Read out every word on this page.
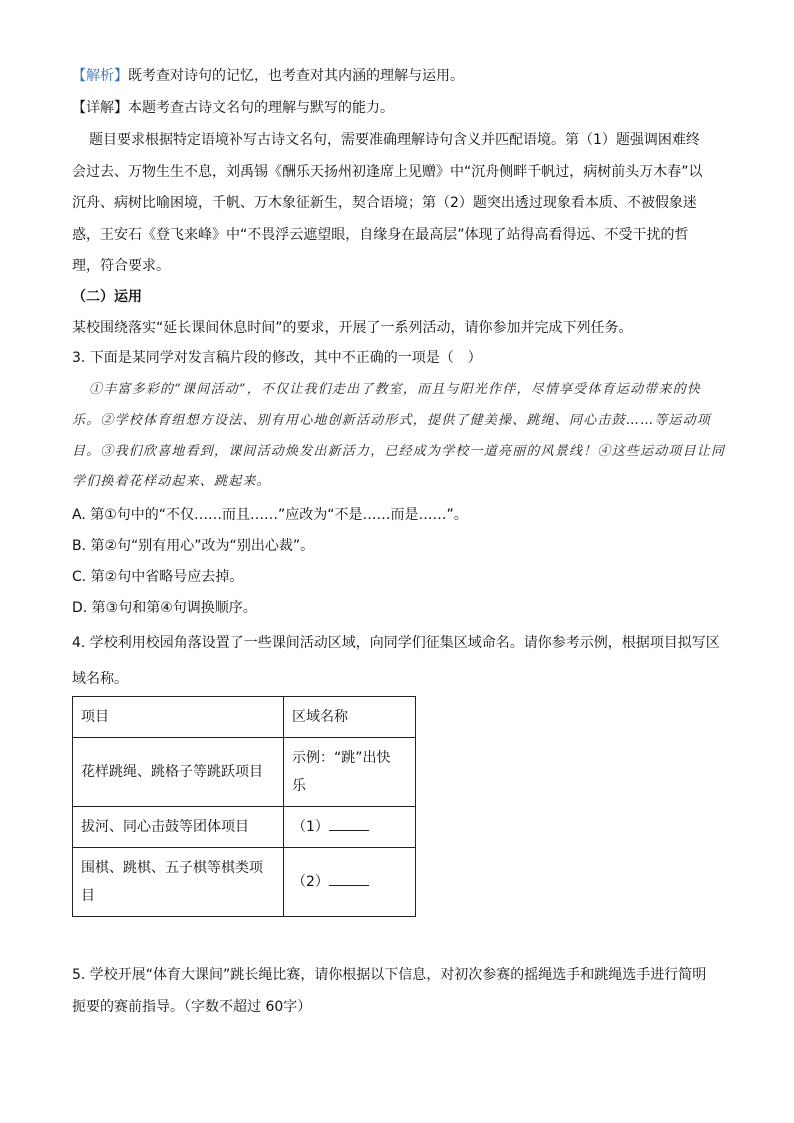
【解析】既考查对诗句的记忆，也考查对其内涵的理解与运用。
【详解】本题考查古诗文名句的理解与默写的能力。
题目要求根据特定语境补写古诗文名句，需要准确理解诗句含义并匹配语境。第（1）题强调困难终
会过去、万物生生不息，刘禹锡《酬乐天扬州初逢席上见赠》中“沉舟侧畔千帆过，病树前头万木春”以
沉舟、病树比喻困境，千帆、万木象征新生，契合语境；第（2）题突出透过现象看本质、不被假象迷
惑，王安石《登飞来峰》中“不畏浮云遮望眼，自缘身在最高层”体现了站得高看得远、不受干扰的哲
理，符合要求。
（二）运用
某校围绕落实“延长课间休息时间”的要求，开展了一系列活动，请你参加并完成下列任务。
3. 下面是某同学对发言稿片段的修改，其中不正确的一项是（　）
①丰富多彩的“课间活动”，不仅让我们走出了教室，而且与阳光作伴，尽情享受体育运动带来的快
乐。②学校体育组想方设法、别有用心地创新活动形式，提供了健美操、跳绳、同心击鼓……等运动项
目。③我们欣喜地看到，课间活动焕发出新活力，已经成为学校一道亮丽的风景线！④这些运动项目让同
学们换着花样动起来、跳起来。
A. 第①句中的“不仅……而且……”应改为“不是……而是……”。
B. 第②句“别有用心”改为“别出心裁”。
C. 第②句中省略号应去掉。
D. 第③句和第④句调换顺序。
4. 学校利用校园角落设置了一些课间活动区域，向同学们征集区域命名。请你参考示例，根据项目拟写区
域名称。
项目	区域名称
花样跳绳、跳格子等跳跃项目	示例：“跳”出快
乐
拔河、同心击鼓等团体项目	（1）
围棋、跳棋、五子棋等棋类项
目	（2）
5. 学校开展“体育大课间”跳长绳比赛，请你根据以下信息，对初次参赛的摇绳选手和跳绳选手进行简明
扼要的赛前指导。（字数不超过 60字）
